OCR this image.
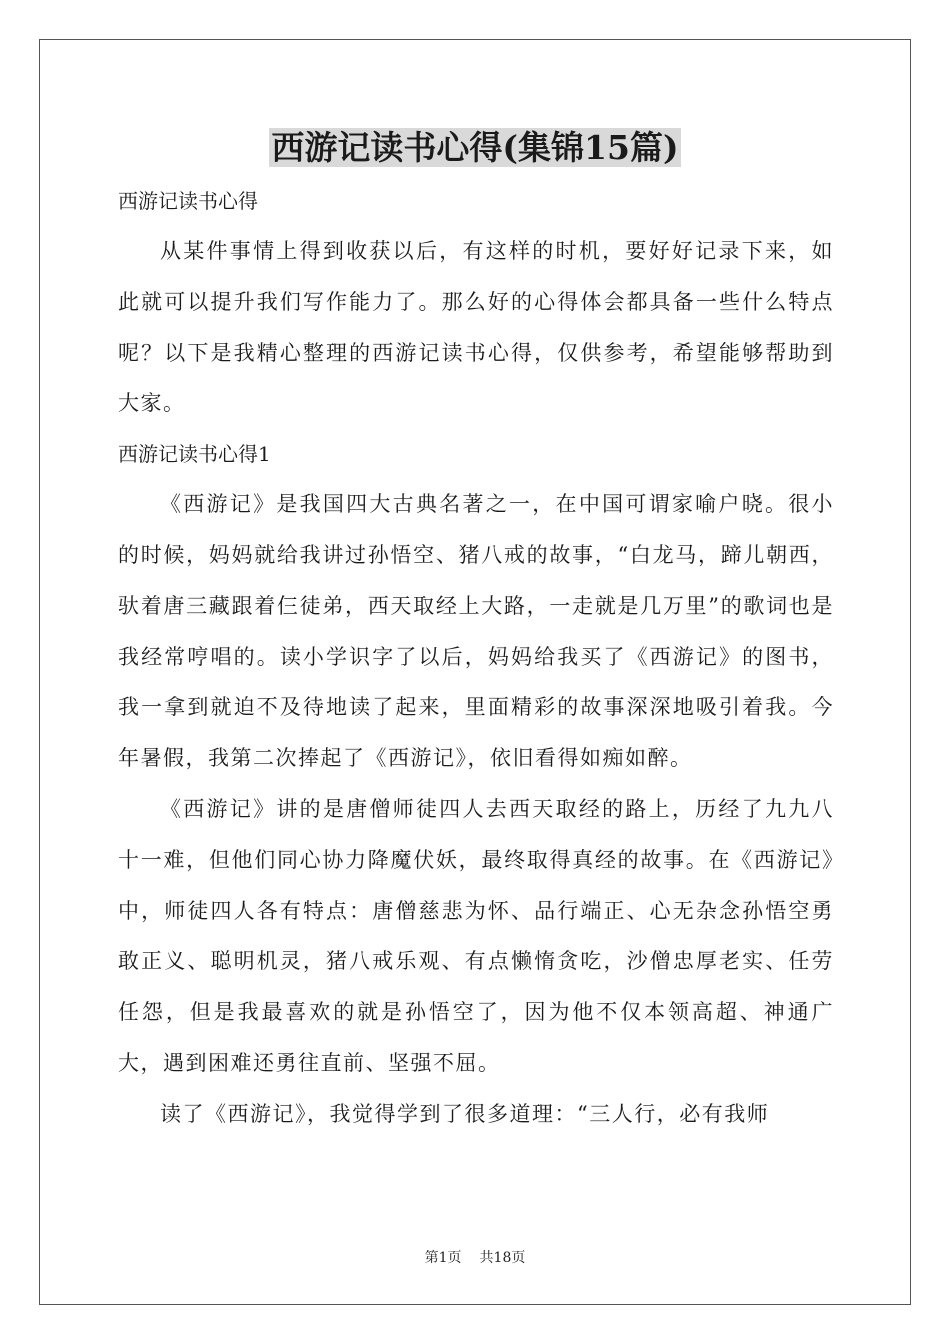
西游记读书心得(集锦15篇)

西游记读书心得

从某件事情上得到收获以后，有这样的时机，要好好记录下来，如此就可以提升我们写作能力了。那么好的心得体会都具备一些什么特点呢？以下是我精心整理的西游记读书心得，仅供参考，希望能够帮助到大家。

西游记读书心得1

《西游记》是我国四大古典名著之一，在中国可谓家喻户晓。很小的时候，妈妈就给我讲过孙悟空、猪八戒的故事，“白龙马，蹄儿朝西，驮着唐三藏跟着仨徒弟，西天取经上大路，一走就是几万里”的歌词也是我经常哼唱的。读小学识字了以后，妈妈给我买了《西游记》的图书，我一拿到就迫不及待地读了起来，里面精彩的故事深深地吸引着我。今年暑假，我第二次捧起了《西游记》，依旧看得如痴如醉。

《西游记》讲的是唐僧师徒四人去西天取经的路上，历经了九九八十一难，但他们同心协力降魔伏妖，最终取得真经的故事。在《西游记》中，师徒四人各有特点：唐僧慈悲为怀、品行端正、心无杂念孙悟空勇敢正义、聪明机灵，猪八戒乐观、有点懒惰贪吃，沙僧忠厚老实、任劳任怨，但是我最喜欢的就是孙悟空了，因为他不仅本领高超、神通广大，遇到困难还勇往直前、坚强不屈。

读了《西游记》，我觉得学到了很多道理：“三人行，必有我师

第1页 共18页
